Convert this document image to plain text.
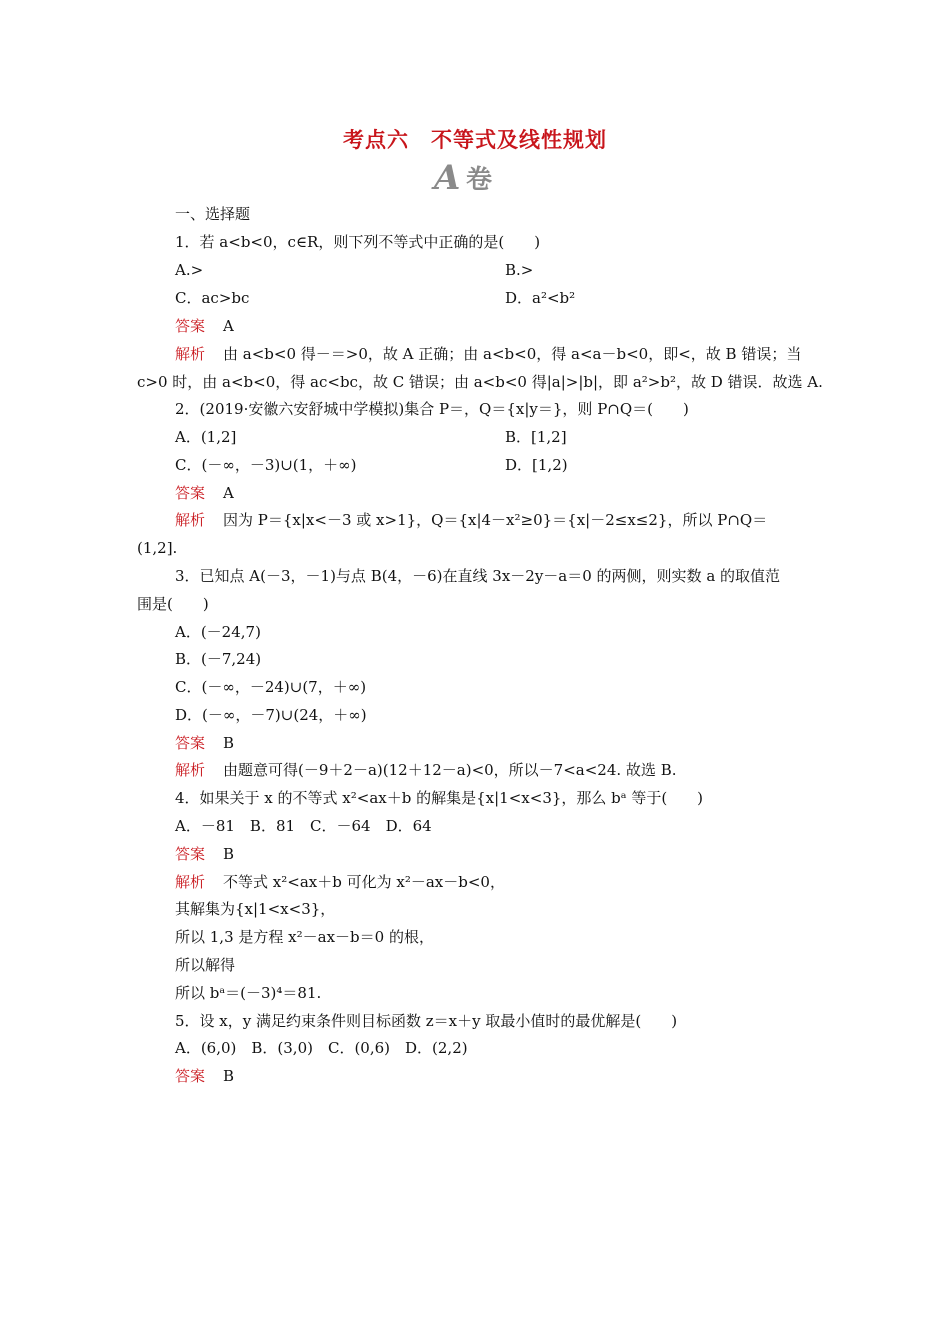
考点六 不等式及线性规划
A 卷
一、选择题
1．若 a<b<0，c∈R，则下列不等式中正确的是(　　)
A.>	B.>
C．ac>bc	D．a²<b²
答案 A
解析 由 a<b<0 得－＝>0，故 A 正确；由 a<b<0，得 a<a－b<0，即<，故 B 错误；当
c>0 时，由 a<b<0，得 ac<bc，故 C 错误；由 a<b<0 得|a|>|b|，即 a²>b²，故 D 错误．故选 A.
2．(2019·安徽六安舒城中学模拟)集合 P＝，Q＝{x|y＝}，则 P∩Q＝(　　)
A．(1,2]	B．[1,2]
C．(－∞，－3)∪(1，＋∞)	D．[1,2)
答案 A
解析 因为 P＝{x|x<－3 或 x>1}，Q＝{x|4－x²≥0}＝{x|－2≤x≤2}，所以 P∩Q＝
(1,2].
3．已知点 A(－3，－1)与点 B(4，－6)在直线 3x－2y－a＝0 的两侧，则实数 a 的取值范
围是(　　)
A．(－24,7)
B．(－7,24)
C．(－∞，－24)∪(7，＋∞)
D．(－∞，－7)∪(24，＋∞)
答案 B
解析 由题意可得(－9＋2－a)(12＋12－a)<0，所以－7<a<24. 故选 B.
4．如果关于 x 的不等式 x²<ax＋b 的解集是{x|1<x<3}，那么 bᵃ 等于(　　)
A．－81　B．81　C．－64　D．64
答案 B
解析 不等式 x²<ax＋b 可化为 x²－ax－b<0，
其解集为{x|1<x<3}，
所以 1,3 是方程 x²－ax－b＝0 的根，
所以解得
所以 bᵃ＝(－3)⁴＝81.
5．设 x，y 满足约束条件则目标函数 z＝x＋y 取最小值时的最优解是(　　)
A．(6,0)　B．(3,0)　C．(0,6)　D．(2,2)
答案 B
